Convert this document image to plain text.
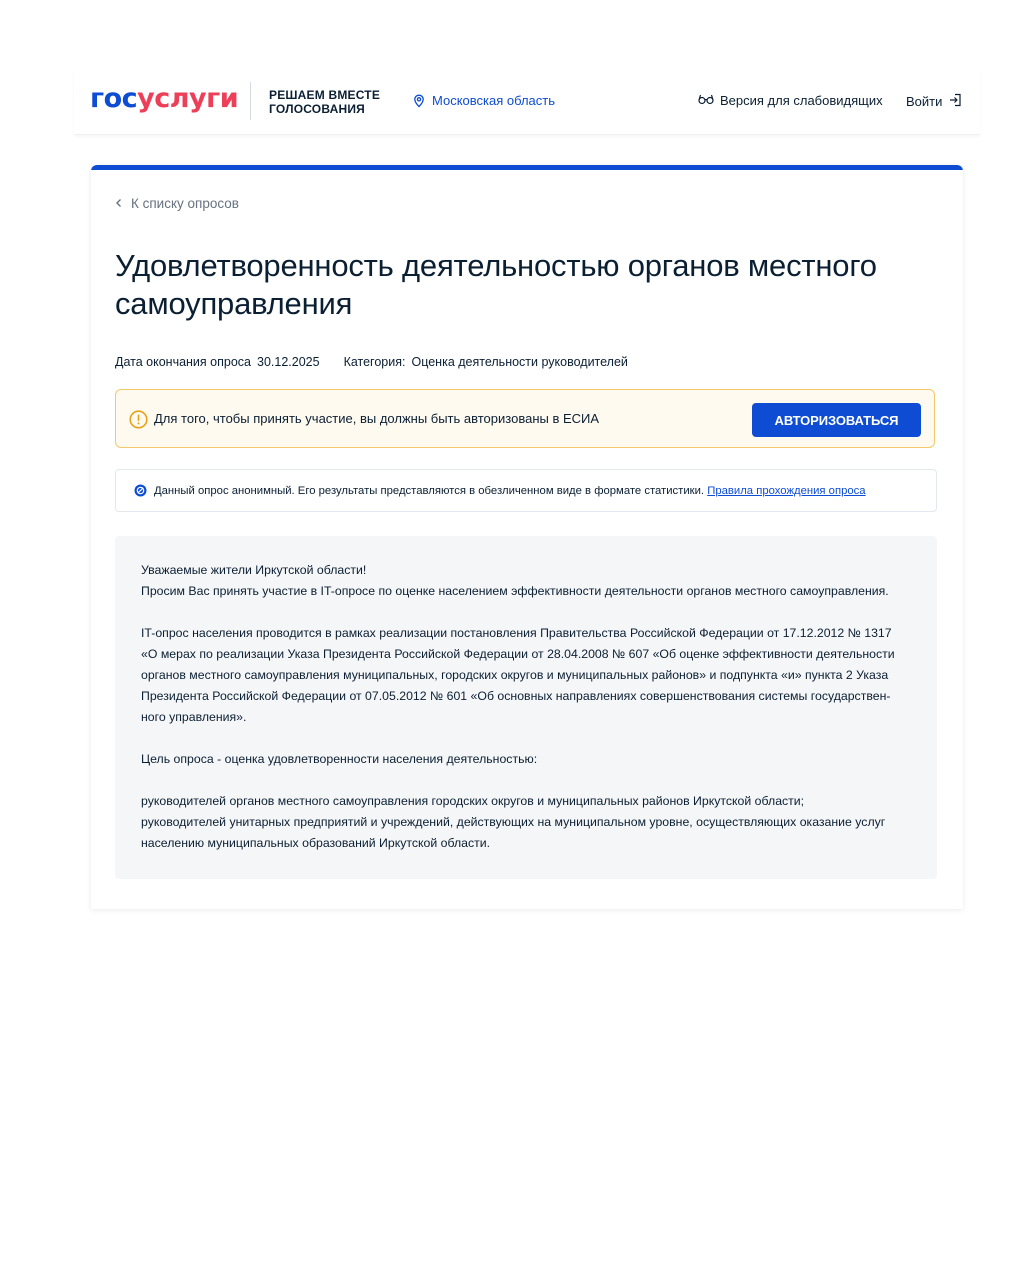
госуслуги	РЕШАЕМ ВМЕСТЕ
ГОЛОСОВАНИЯ
Московская область	Версия для слабовидящих Войти
К списку опросов
Удовлетворенность деятельностью органов местного самоуправления
Дата окончания опроса 30.12.2025 Категория: Оценка деятельности руководителей
Для того, чтобы принять участие, вы должны быть авторизованы в ЕСИА	АВТОРИЗОВАТЬСЯ
Данный опрос анонимный. Его результаты представляются в обезличенном виде в формате статистики. Правила прохождения опроса

Уважаемые жители Иркутской области!

Просим Вас принять участие в IT-опросе по оценке населением эффективности деятельности органов местного самоуправления.

IT-опрос населения проводится в рамках реализации постановления Правительства Российской Федерации от 17.12.2012 № 1317

«О мерах по реализации Указа Президента Российской Федерации от 28.04.2008 № 607 «Об оценке эффективности деятельности

органов местного самоуправления муниципальных, городских округов и муниципальных районов» и подпункта «и» пункта 2 Указа

Президента Российской Федерации от 07.05.2012 № 601 «Об основных направлениях совершенствования системы государствен-

ного управления».

Цель опроса - оценка удовлетворенности населения деятельностью:

руководителей органов местного самоуправления городских округов и муниципальных районов Иркутской области;

руководителей унитарных предприятий и учреждений, действующих на муниципальном уровне, осуществляющих оказание услуг

населению муниципальных образований Иркутской области.
